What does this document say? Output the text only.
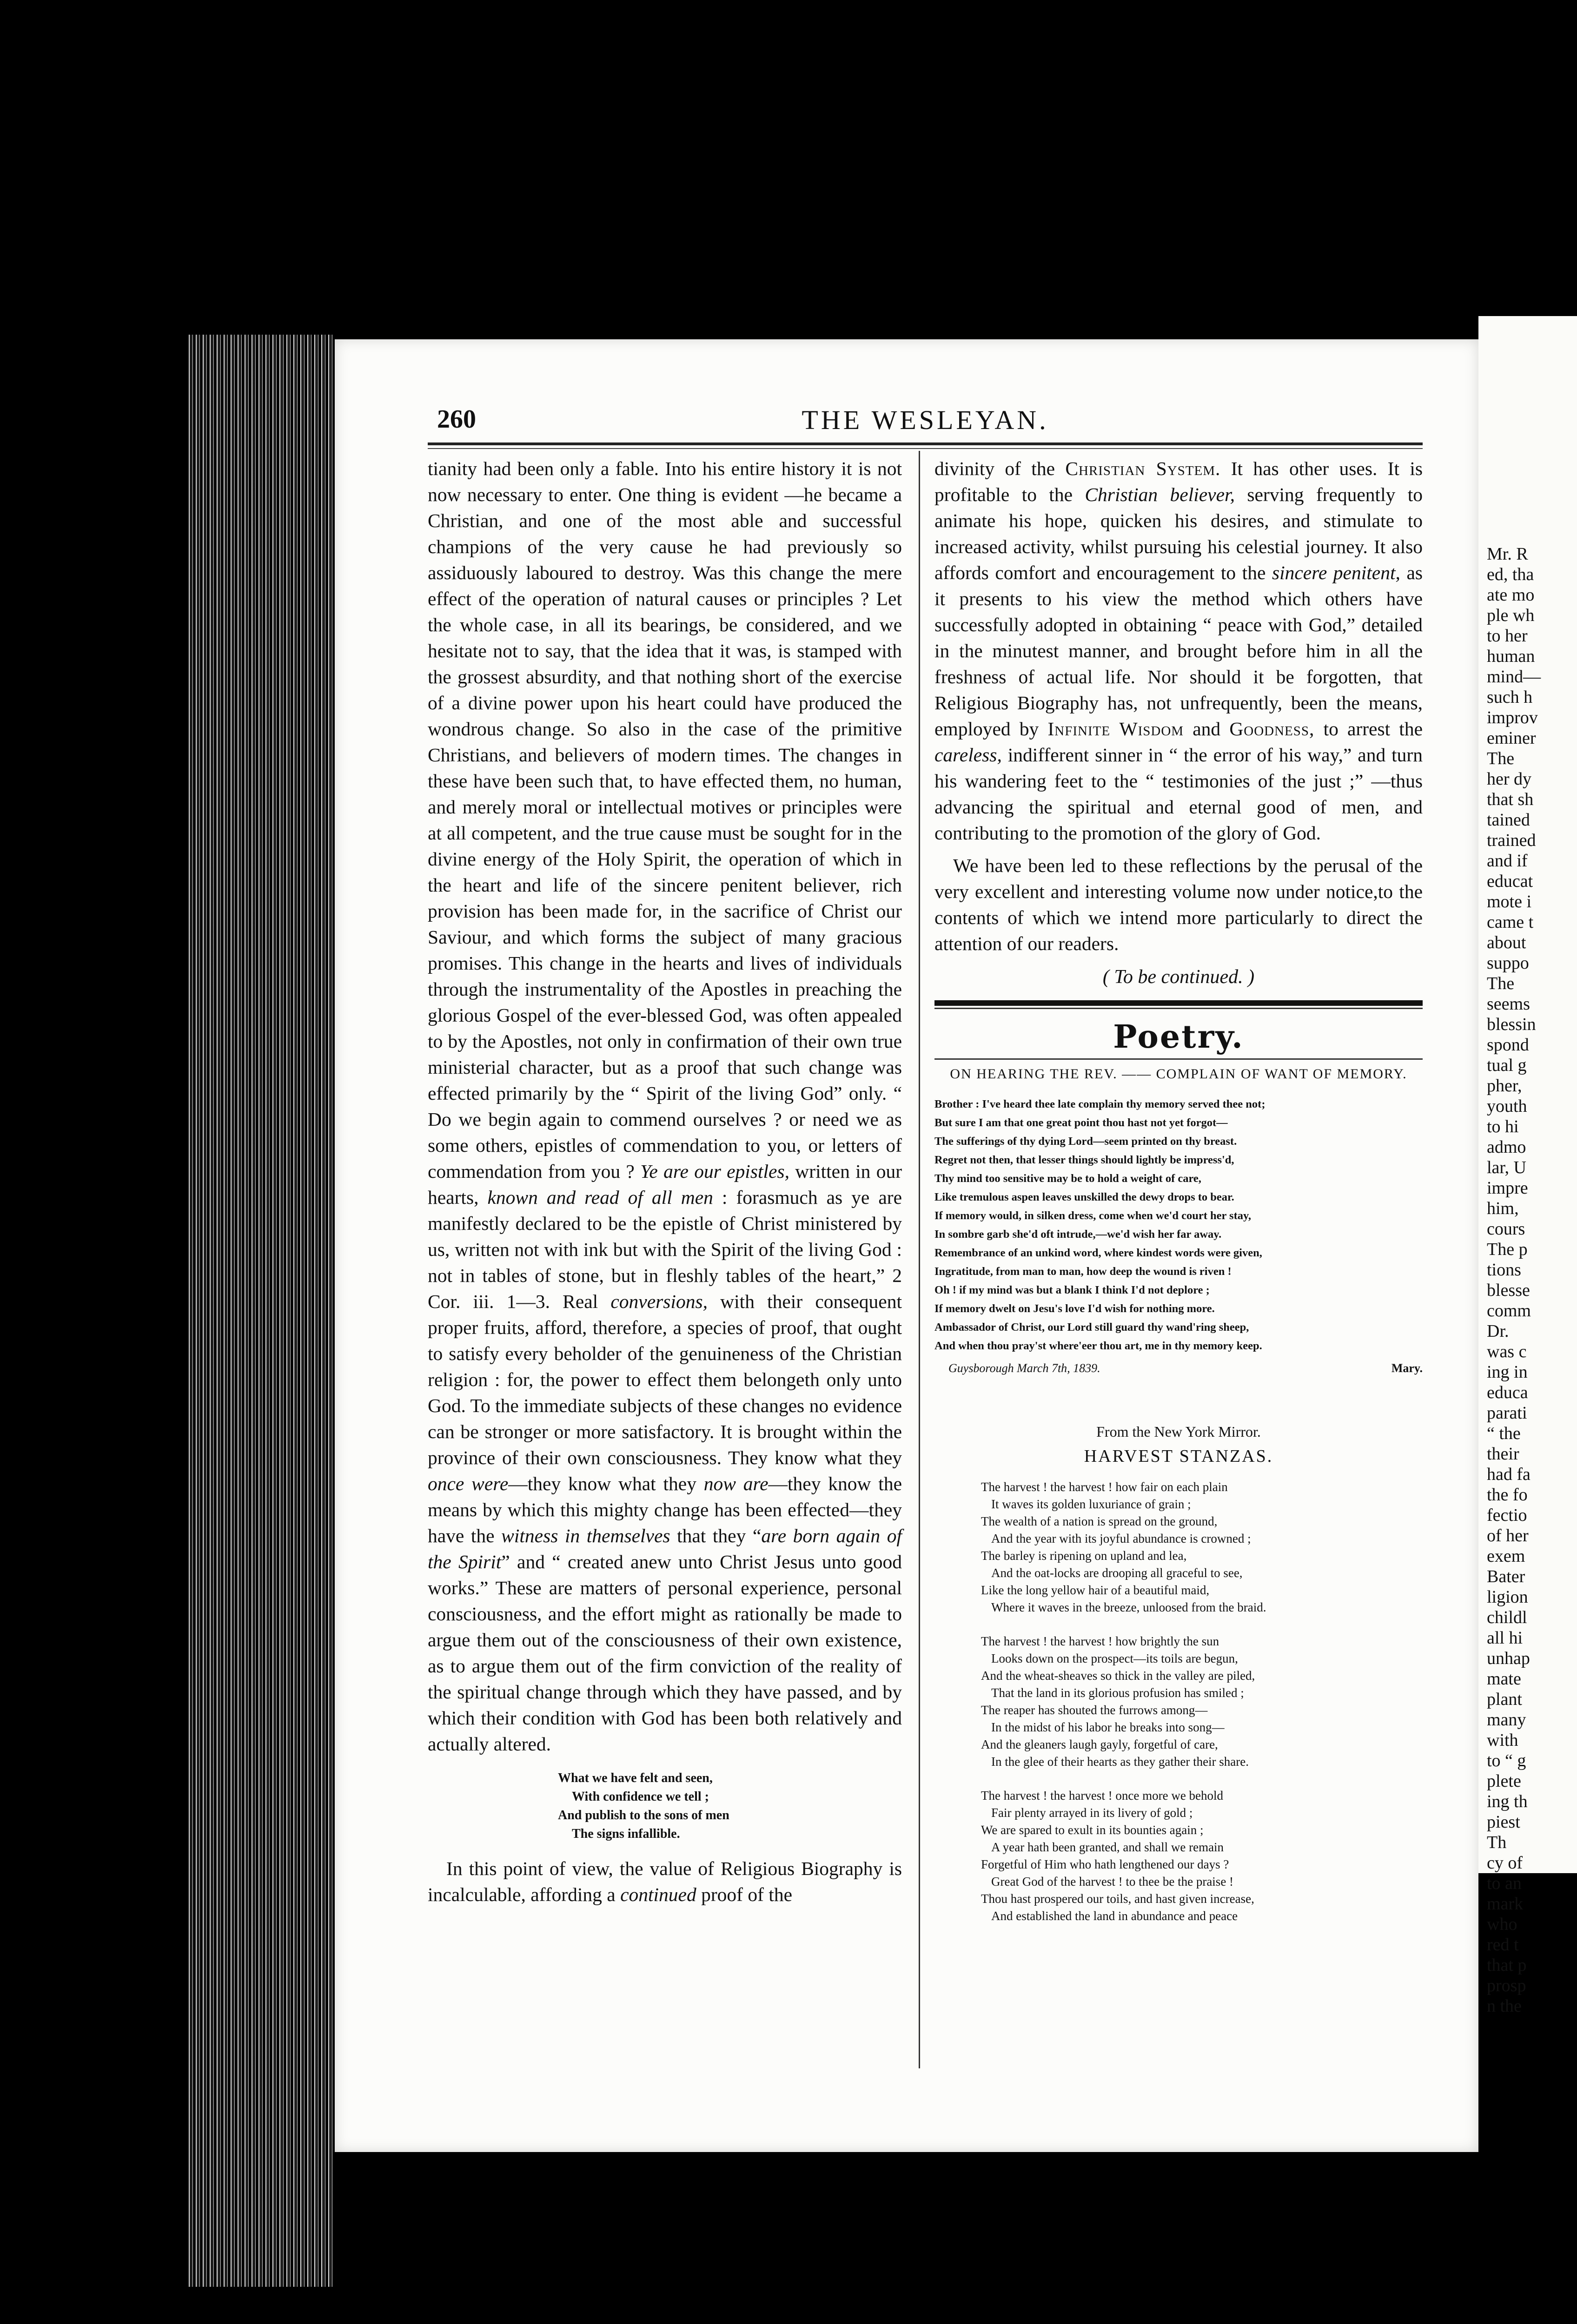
260	THE WESLEYAN.

tianity had been only a fable. Into his entire history it is not now necessary to enter. One thing is evident —he became a Christian, and one of the most able and successful champions of the very cause he had previously so assiduously laboured to destroy. Was this change the mere effect of the operation of natural causes or principles ? Let the whole case, in all its bearings, be considered, and we hesitate not to say, that the idea that it was, is stamped with the grossest absurdity, and that nothing short of the exercise of a divine power upon his heart could have produced the wondrous change. So also in the case of the primitive Christians, and believers of modern times. The changes in these have been such that, to have effected them, no human, and merely moral or intellectual motives or principles were at all competent, and the true cause must be sought for in the divine energy of the Holy Spirit, the operation of which in the heart and life of the sincere penitent believer, rich provision has been made for, in the sacrifice of Christ our Saviour, and which forms the subject of many gracious promises. This change in the hearts and lives of individuals through the instrumentality of the Apostles in preaching the glorious Gospel of the ever-blessed God, was often appealed to by the Apostles, not only in confirmation of their own true ministerial character, but as a proof that such change was effected primarily by the “ Spirit of the living God” only. “ Do we begin again to commend ourselves ? or need we as some others, epistles of commendation to you, or letters of commendation from you ? Ye are our epistles, written in our hearts, known and read of all men : forasmuch as ye are manifestly declared to be the epistle of Christ ministered by us, written not with ink but with the Spirit of the living God : not in tables of stone, but in fleshly tables of the heart,” 2 Cor. iii. 1—3. Real conversions, with their consequent proper fruits, afford, therefore, a species of proof, that ought to satisfy every beholder of the genuineness of the Christian religion : for, the power to effect them belongeth only unto God. To the immediate subjects of these changes no evidence can be stronger or more satisfactory. It is brought within the province of their own consciousness. They know what they once were—they know what they now are—they know the means by which this mighty change has been effected—they have the witness in themselves that they “are born again of the Spirit” and “ created anew unto Christ Jesus unto good works.” These are matters of personal experience, personal consciousness, and the effort might as rationally be made to argue them out of the consciousness of their own existence, as to argue them out of the firm conviction of the reality of the spiritual change through which they have passed, and by which their condition with God has been both relatively and actually altered.

What we have felt and seen,
With confidence we tell ;
And publish to the sons of men
The signs infallible.

In this point of view, the value of Religious Biography is incalculable, affording a continued proof of the

divinity of the Christian System. It has other uses. It is profitable to the Christian believer, serving frequently to animate his hope, quicken his desires, and stimulate to increased activity, whilst pursuing his celestial journey. It also affords comfort and encouragement to the sincere penitent, as it presents to his view the method which others have successfully adopted in obtaining “ peace with God,” detailed in the minutest manner, and brought before him in all the freshness of actual life. Nor should it be forgotten, that Religious Biography has, not unfrequently, been the means, employed by Infinite Wisdom and Goodness, to arrest the careless, indifferent sinner in “ the error of his way,” and turn his wandering feet to the “ testimonies of the just ;” —thus advancing the spiritual and eternal good of men, and contributing to the promotion of the glory of God.

We have been led to these reflections by the perusal of the very excellent and interesting volume now under notice,to the contents of which we intend more particularly to direct the attention of our readers.

( To be continued. )
Poetry.
ON HEARING THE REV. —— COMPLAIN OF WANT OF MEMORY.
Brother : I've heard thee late complain thy memory served thee not;
But sure I am that one great point thou hast not yet forgot—
The sufferings of thy dying Lord—seem printed on thy breast.
Regret not then, that lesser things should lightly be impress'd,
Thy mind too sensitive may be to hold a weight of care,
Like tremulous aspen leaves unskilled the dewy drops to bear.
If memory would, in silken dress, come when we'd court her stay,
In sombre garb she'd oft intrude,—we'd wish her far away.
Remembrance of an unkind word, where kindest words were given,
Ingratitude, from man to man, how deep the wound is riven !
Oh ! if my mind was but a blank I think I'd not deplore ;
If memory dwelt on Jesu's love I'd wish for nothing more.
Ambassador of Christ, our Lord still guard thy wand'ring sheep,
And when thou pray'st where'eer thou art, me in thy memory keep.
Guysborough March 7th, 1839.	Mary.
From the New York Mirror.
HARVEST STANZAS.
The harvest ! the harvest ! how fair on each plain
It waves its golden luxuriance of grain ;
The wealth of a nation is spread on the ground,
And the year with its joyful abundance is crowned ;
The barley is ripening on upland and lea,
And the oat-locks are drooping all graceful to see,
Like the long yellow hair of a beautiful maid,
Where it waves in the breeze, unloosed from the braid.
The harvest ! the harvest ! how brightly the sun
Looks down on the prospect—its toils are begun,
And the wheat-sheaves so thick in the valley are piled,
That the land in its glorious profusion has smiled ;
The reaper has shouted the furrows among—
In the midst of his labor he breaks into song—
And the gleaners laugh gayly, forgetful of care,
In the glee of their hearts as they gather their share.
The harvest ! the harvest ! once more we behold
Fair plenty arrayed in its livery of gold ;
We are spared to exult in its bounties again ;
A year hath been granted, and shall we remain
Forgetful of Him who hath lengthened our days ?
Great God of the harvest ! to thee be the praise !
Thou hast prospered our toils, and hast given increase,
And established the land in abundance and peace
Mr. R
ed, tha
ate mo
ple wh
to her
human
mind—
such h
improv
eminer
The
her dy
that sh
tained
trained
and if
educat
mote i
came t
about
suppo
The
seems
blessin
spond
tual g
pher,
youth
to hi
admo
lar, U
impre
him,
cours
The p
tions
blesse
comm
Dr.
was c
ing in
educa
parati
“ the
their
had fa
the fo
fectio
of her
exem
Bater
ligion
childl
all hi
unhap
mate
plant
many
with
to “ g
plete
ing th
piest
Th
cy of
to an
mark
who
red t
that p
prosp
n the
